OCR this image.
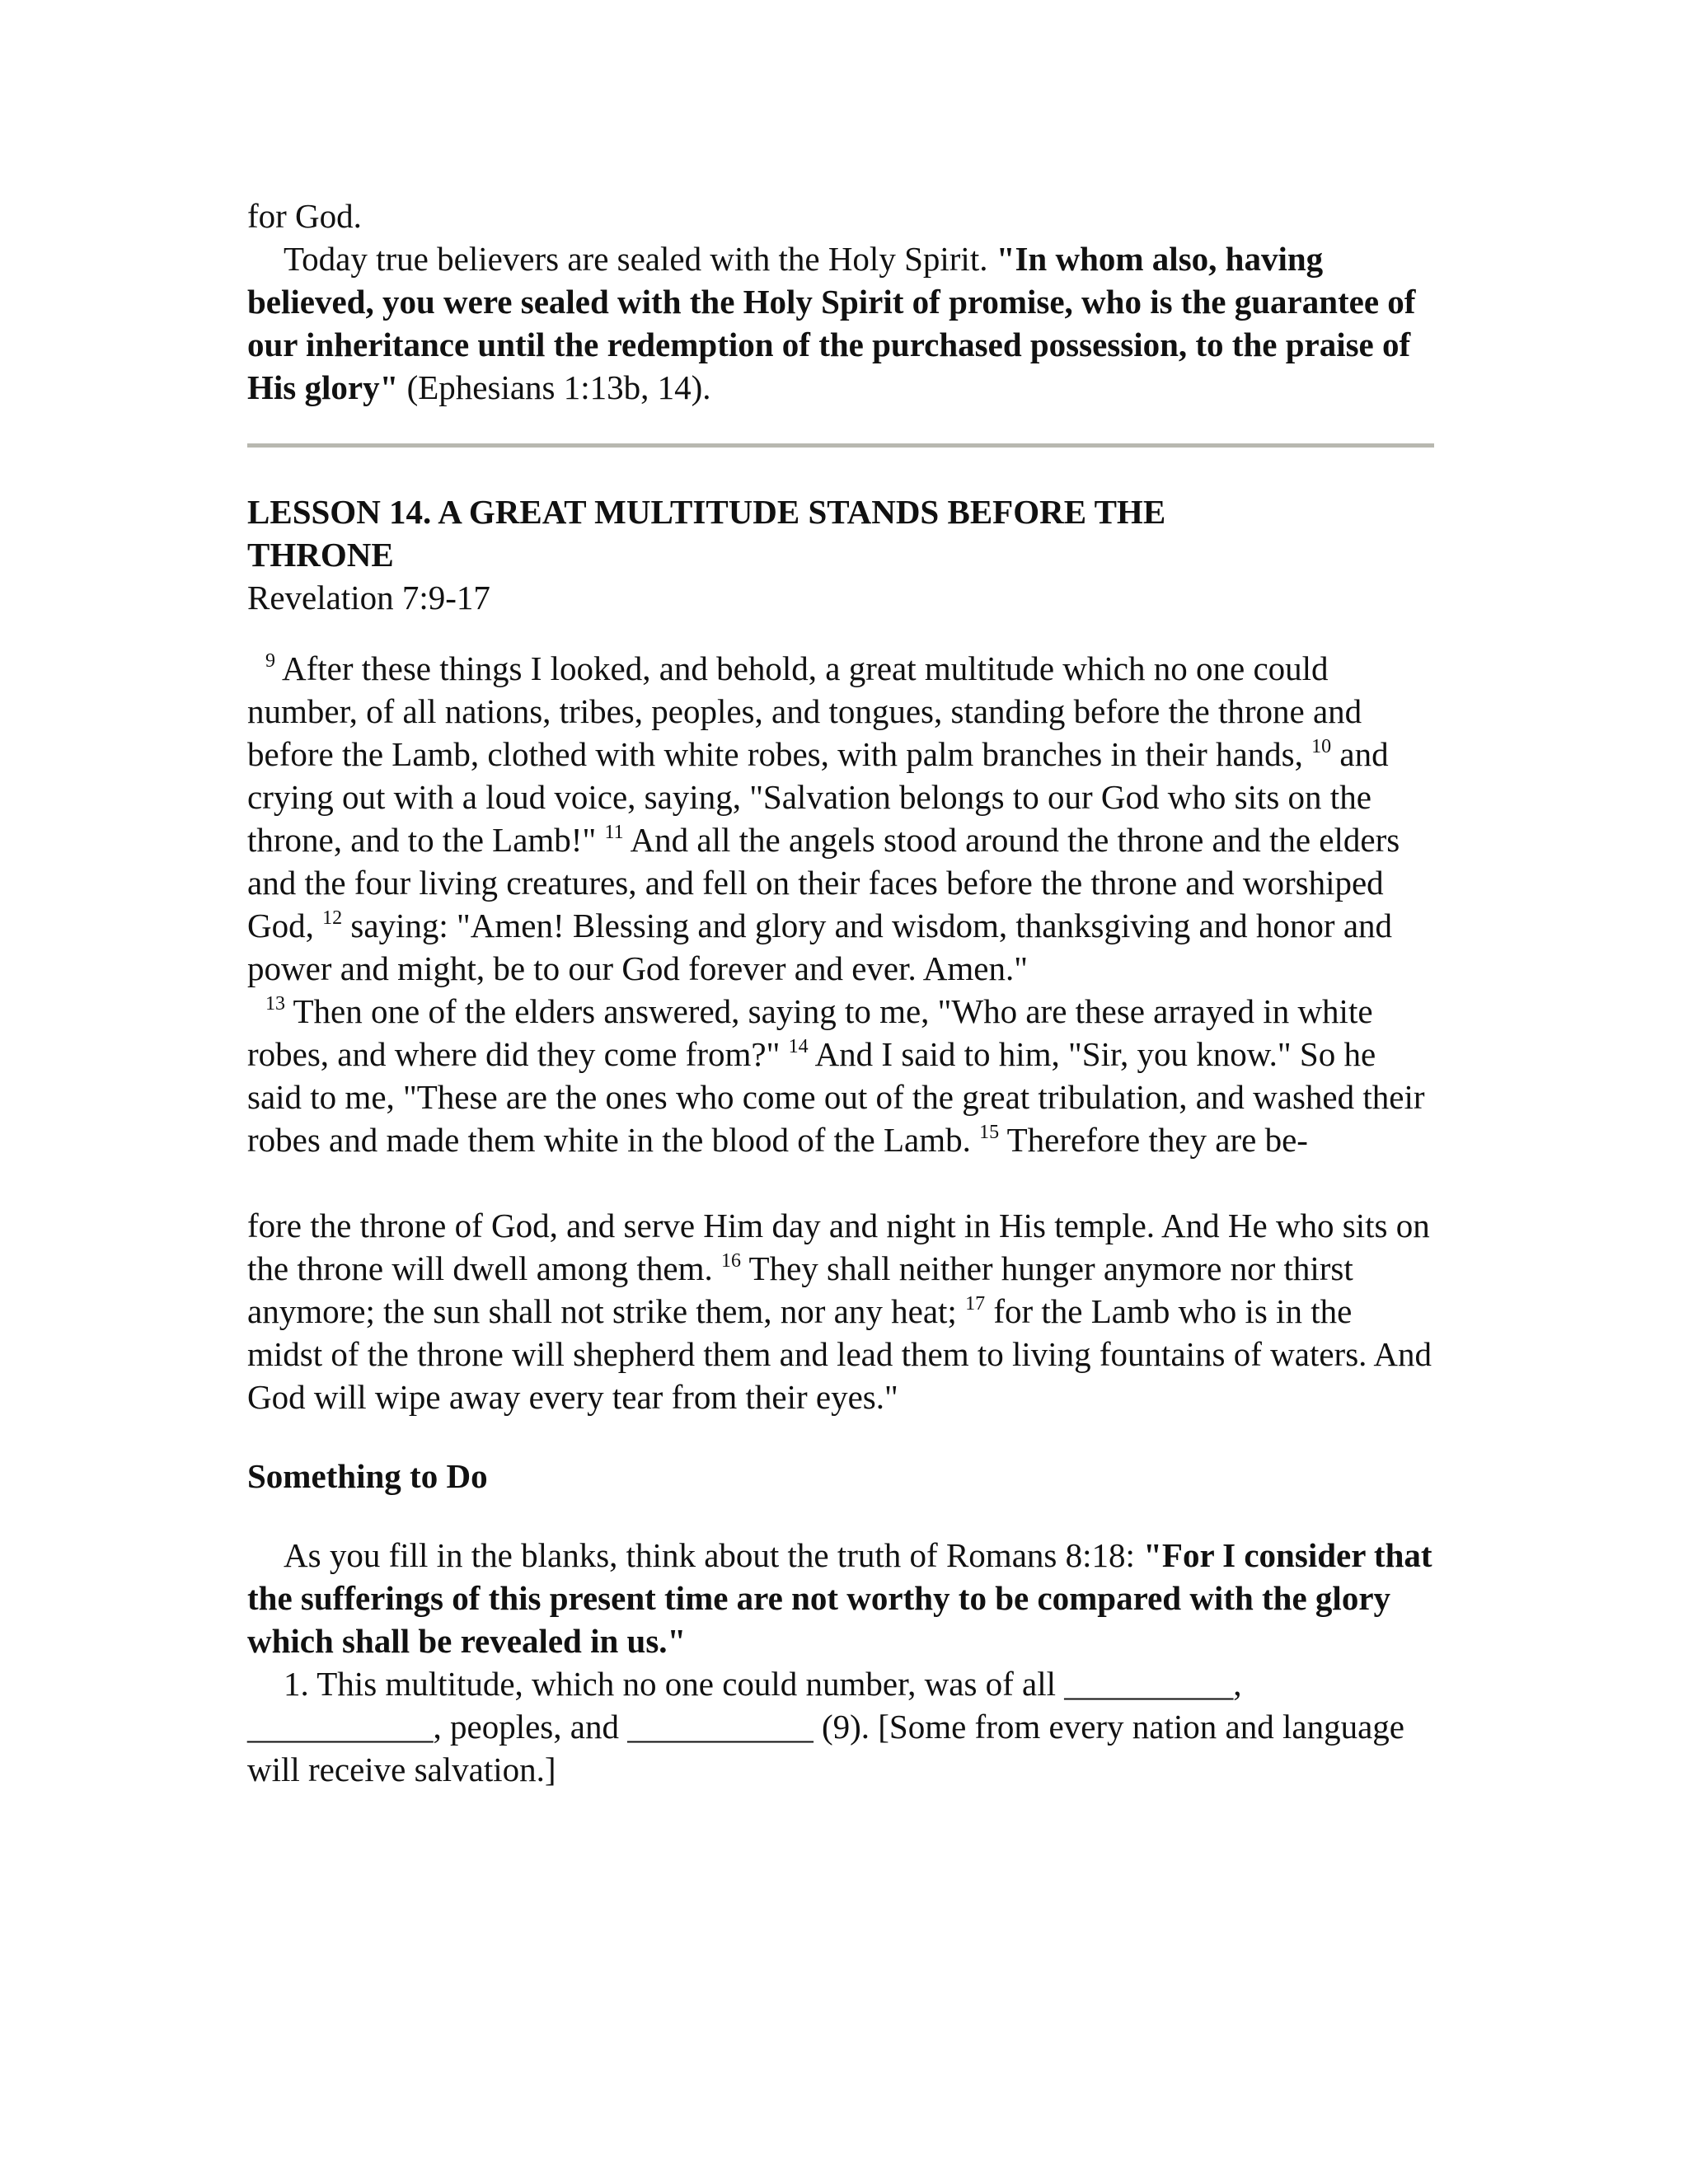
for God.

Today true believers are sealed with the Holy Spirit. "In whom also, having believed, you were sealed with the Holy Spirit of promise, who is the guarantee of our inheritance until the redemption of the purchased possession, to the praise of His glory" (Ephesians 1:13b, 14).

LESSON 14. A GREAT MULTITUDE STANDS BEFORE THE THRONE

Revelation 7:9-17

$^9$ After these things I looked, and behold, a great multitude which no one could number, of all nations, tribes, peoples, and tongues, standing before the throne and before the Lamb, clothed with white robes, with palm branches in their hands, $^{10}$ and crying out with a loud voice, saying, "Salvation belongs to our God who sits on the throne, and to the Lamb!" $^{11}$ And all the angels stood around the throne and the elders and the four living creatures, and fell on their faces before the throne and worshiped God, $^{12}$ saying: "Amen! Blessing and glory and wisdom, thanksgiving and honor and power and might, be to our God forever and ever. Amen."

$^{13}$ Then one of the elders answered, saying to me, "Who are these arrayed in white robes, and where did they come from?" $^{14}$ And I said to him, "Sir, you know." So he said to me, "These are the ones who come out of the great tribulation, and washed their robes and made them white in the blood of the Lamb. $^{15}$ Therefore they are be-

fore the throne of God, and serve Him day and night in His temple. And He who sits on the throne will dwell among them. $^{16}$ They shall neither hunger anymore nor thirst anymore; the sun shall not strike them, nor any heat; $^{17}$ for the Lamb who is in the midst of the throne will shepherd them and lead them to living fountains of waters. And God will wipe away every tear from their eyes."

Something to Do

As you fill in the blanks, think about the truth of Romans 8:18: "For I consider that the sufferings of this present time are not worthy to be compared with the glory which shall be revealed in us."

1. This multitude, which no one could number, was of all __________, ___________, peoples, and ___________ (9). [Some from every nation and language will receive salvation.]
